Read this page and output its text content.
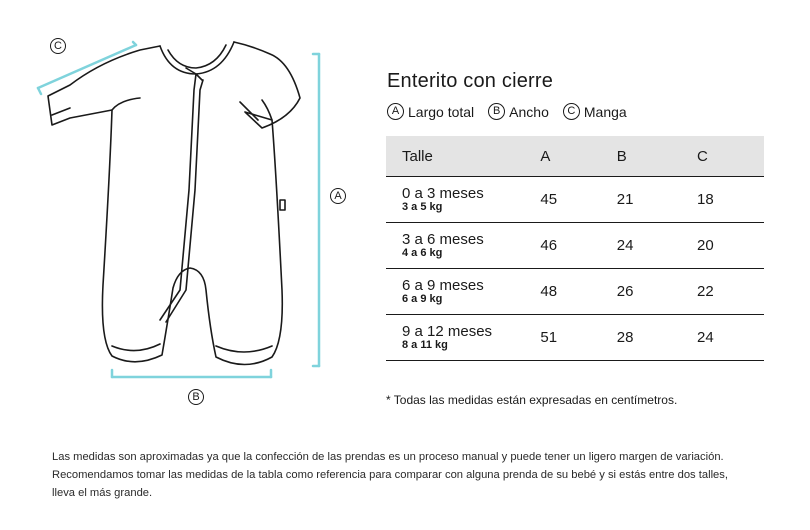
C
A
B
Enterito con cierre
A Largo total	B Ancho	C Manga
Talle	A	B	C

0 a 3 meses
3 a 5 kg	45	21	18

3 a 6 meses
4 a 6 kg	46	24	20

6 a 9 meses
6 a 9 kg	48	26	22

9 a 12 meses
8 a 11 kg	51	28	24

* Todas las medidas están expresadas en centímetros.

Las medidas son aproximadas ya que la confección de las prendas es un proceso manual y puede tener un ligero margen de variación. Recomendamos tomar las medidas de la tabla como referencia para comparar con alguna prenda de su bebé y si estás entre dos talles, lleva el más grande.
